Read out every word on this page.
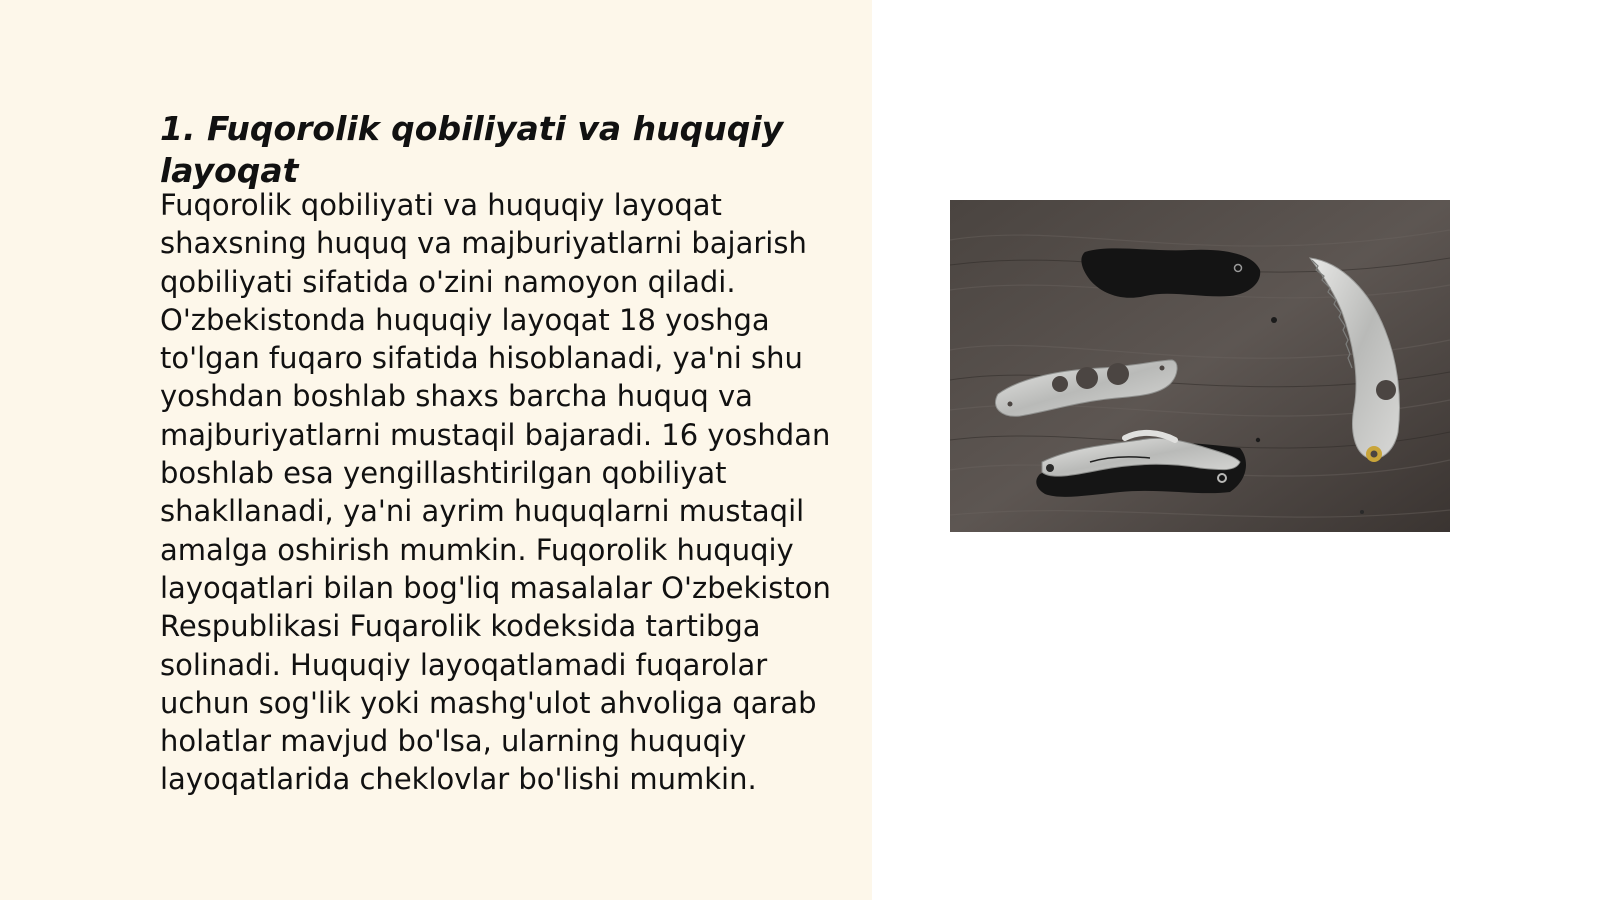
1. Fuqorolik qobiliyati va huquqiy layoqat

Fuqorolik qobiliyati va huquqiy layoqat shaxsning huquq va majburiyatlarni bajarish qobiliyati sifatida o'zini namoyon qiladi. O'zbekistonda huquqiy layoqat 18 yoshga to'lgan fuqaro sifatida hisoblanadi, ya'ni shu yoshdan boshlab shaxs barcha huquq va majburiyatlarni mustaqil bajaradi. 16 yoshdan boshlab esa yengillashtirilgan qobiliyat shakllanadi, ya'ni ayrim huquqlarni mustaqil amalga oshirish mumkin. Fuqorolik huquqiy layoqatlari bilan bog'liq masalalar O'zbekiston Respublikasi Fuqarolik kodeksida tartibga solinadi. Huquqiy layoqatlamadi fuqarolar uchun sog'lik yoki mashg'ulot ahvoliga qarab holatlar mavjud bo'lsa, ularning huquqiy layoqatlarida cheklovlar bo'lishi mumkin.
